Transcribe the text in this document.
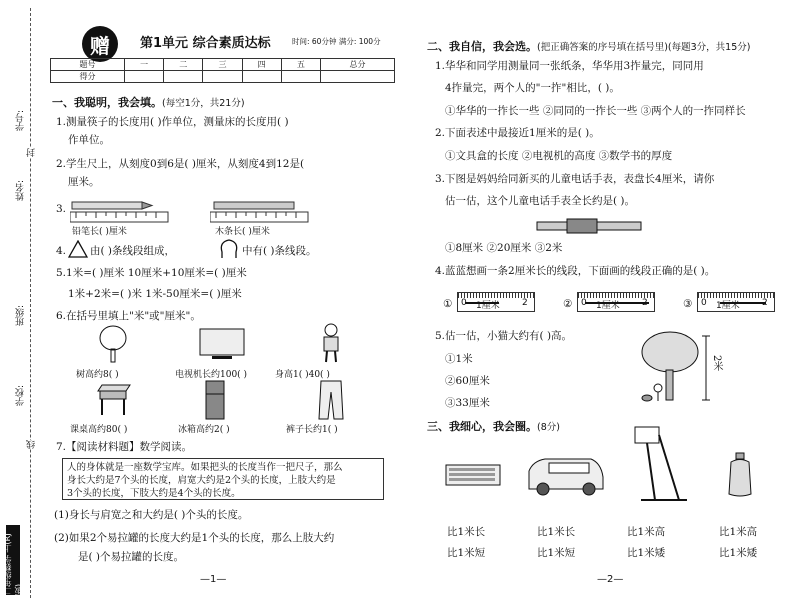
学号:
姓名:
封
班级:
学校:
线
二年级数学 上(RJ版)
赠	第1单元 综合素质达标	时间: 60分钟 满分: 100分
题号	一	二	三	四	五	总分
得分						
一、我聪明，我会填。(每空1分，共21分)
1.测量筷子的长度用( )作单位，测量床的长度用( )
作单位。
2.学生尺上，从刻度0到6是( )厘米，从刻度4到12是(
厘米。
3.
铅笔长( )厘米	木条长( )厘米
4. 由( )条线段组成，	中有( )条线段。
5.1米=( )厘米 10厘米+10厘米=( )厘米
1米+2米=( )米 1米-50厘米=( )厘米
6.在括号里填上"米"或"厘米"。
树高约8( )	电视机长约100( )	身高1( )40( )
课桌高约80( )	冰箱高约2( )	裤子长约1( )
7.【阅读材料题】数学阅读。
人的身体就是一座数学宝库。如果把头的长度当作一把尺子，那么
身长大约是7个头的长度，肩宽大约是2个头的长度，上肢大约是
3个头的长度，下肢大约是4个头的长度。
(1)身长与肩宽之和大约是( )个头的长度。
(2)如果2个易拉罐的长度大约是1个头的长度，那么上肢大约
是( )个易拉罐的长度。
—1—
二、我自信，我会选。(把正确答案的序号填在括号里)(每题3分，共15分)
1.华华和同学用测量同一张纸条，华华用3拃量完，同同用
4拃量完，两个人的"一拃"相比，( )。
①华华的一拃长一些 ②同同的一拃长一些 ③两个人的一拃同样长
2.下面表述中最接近1厘米的是( )。
①文具盒的长度 ②电视机的高度 ③数学书的厚度
3.下图是妈妈给同新买的儿童电话手表，表盘长4厘米，请你
估一估，这个儿童电话手表全长约是( )。
①8厘米 ②20厘米 ③2米
4.蓝蓝想画一条2厘米长的线段，下面画的线段正确的是( )。
① 0 1厘米 2	② 0 1厘米 2	③ 0 1厘米 2
5.估一估，小猫大约有( )高。
①1米
②60厘米
③33厘米
2米
三、我细心，我会圈。(8分)
比1米长
比1米短
比1米长
比1米短
比1米高
比1米矮
比1米高
比1米矮
—2—
